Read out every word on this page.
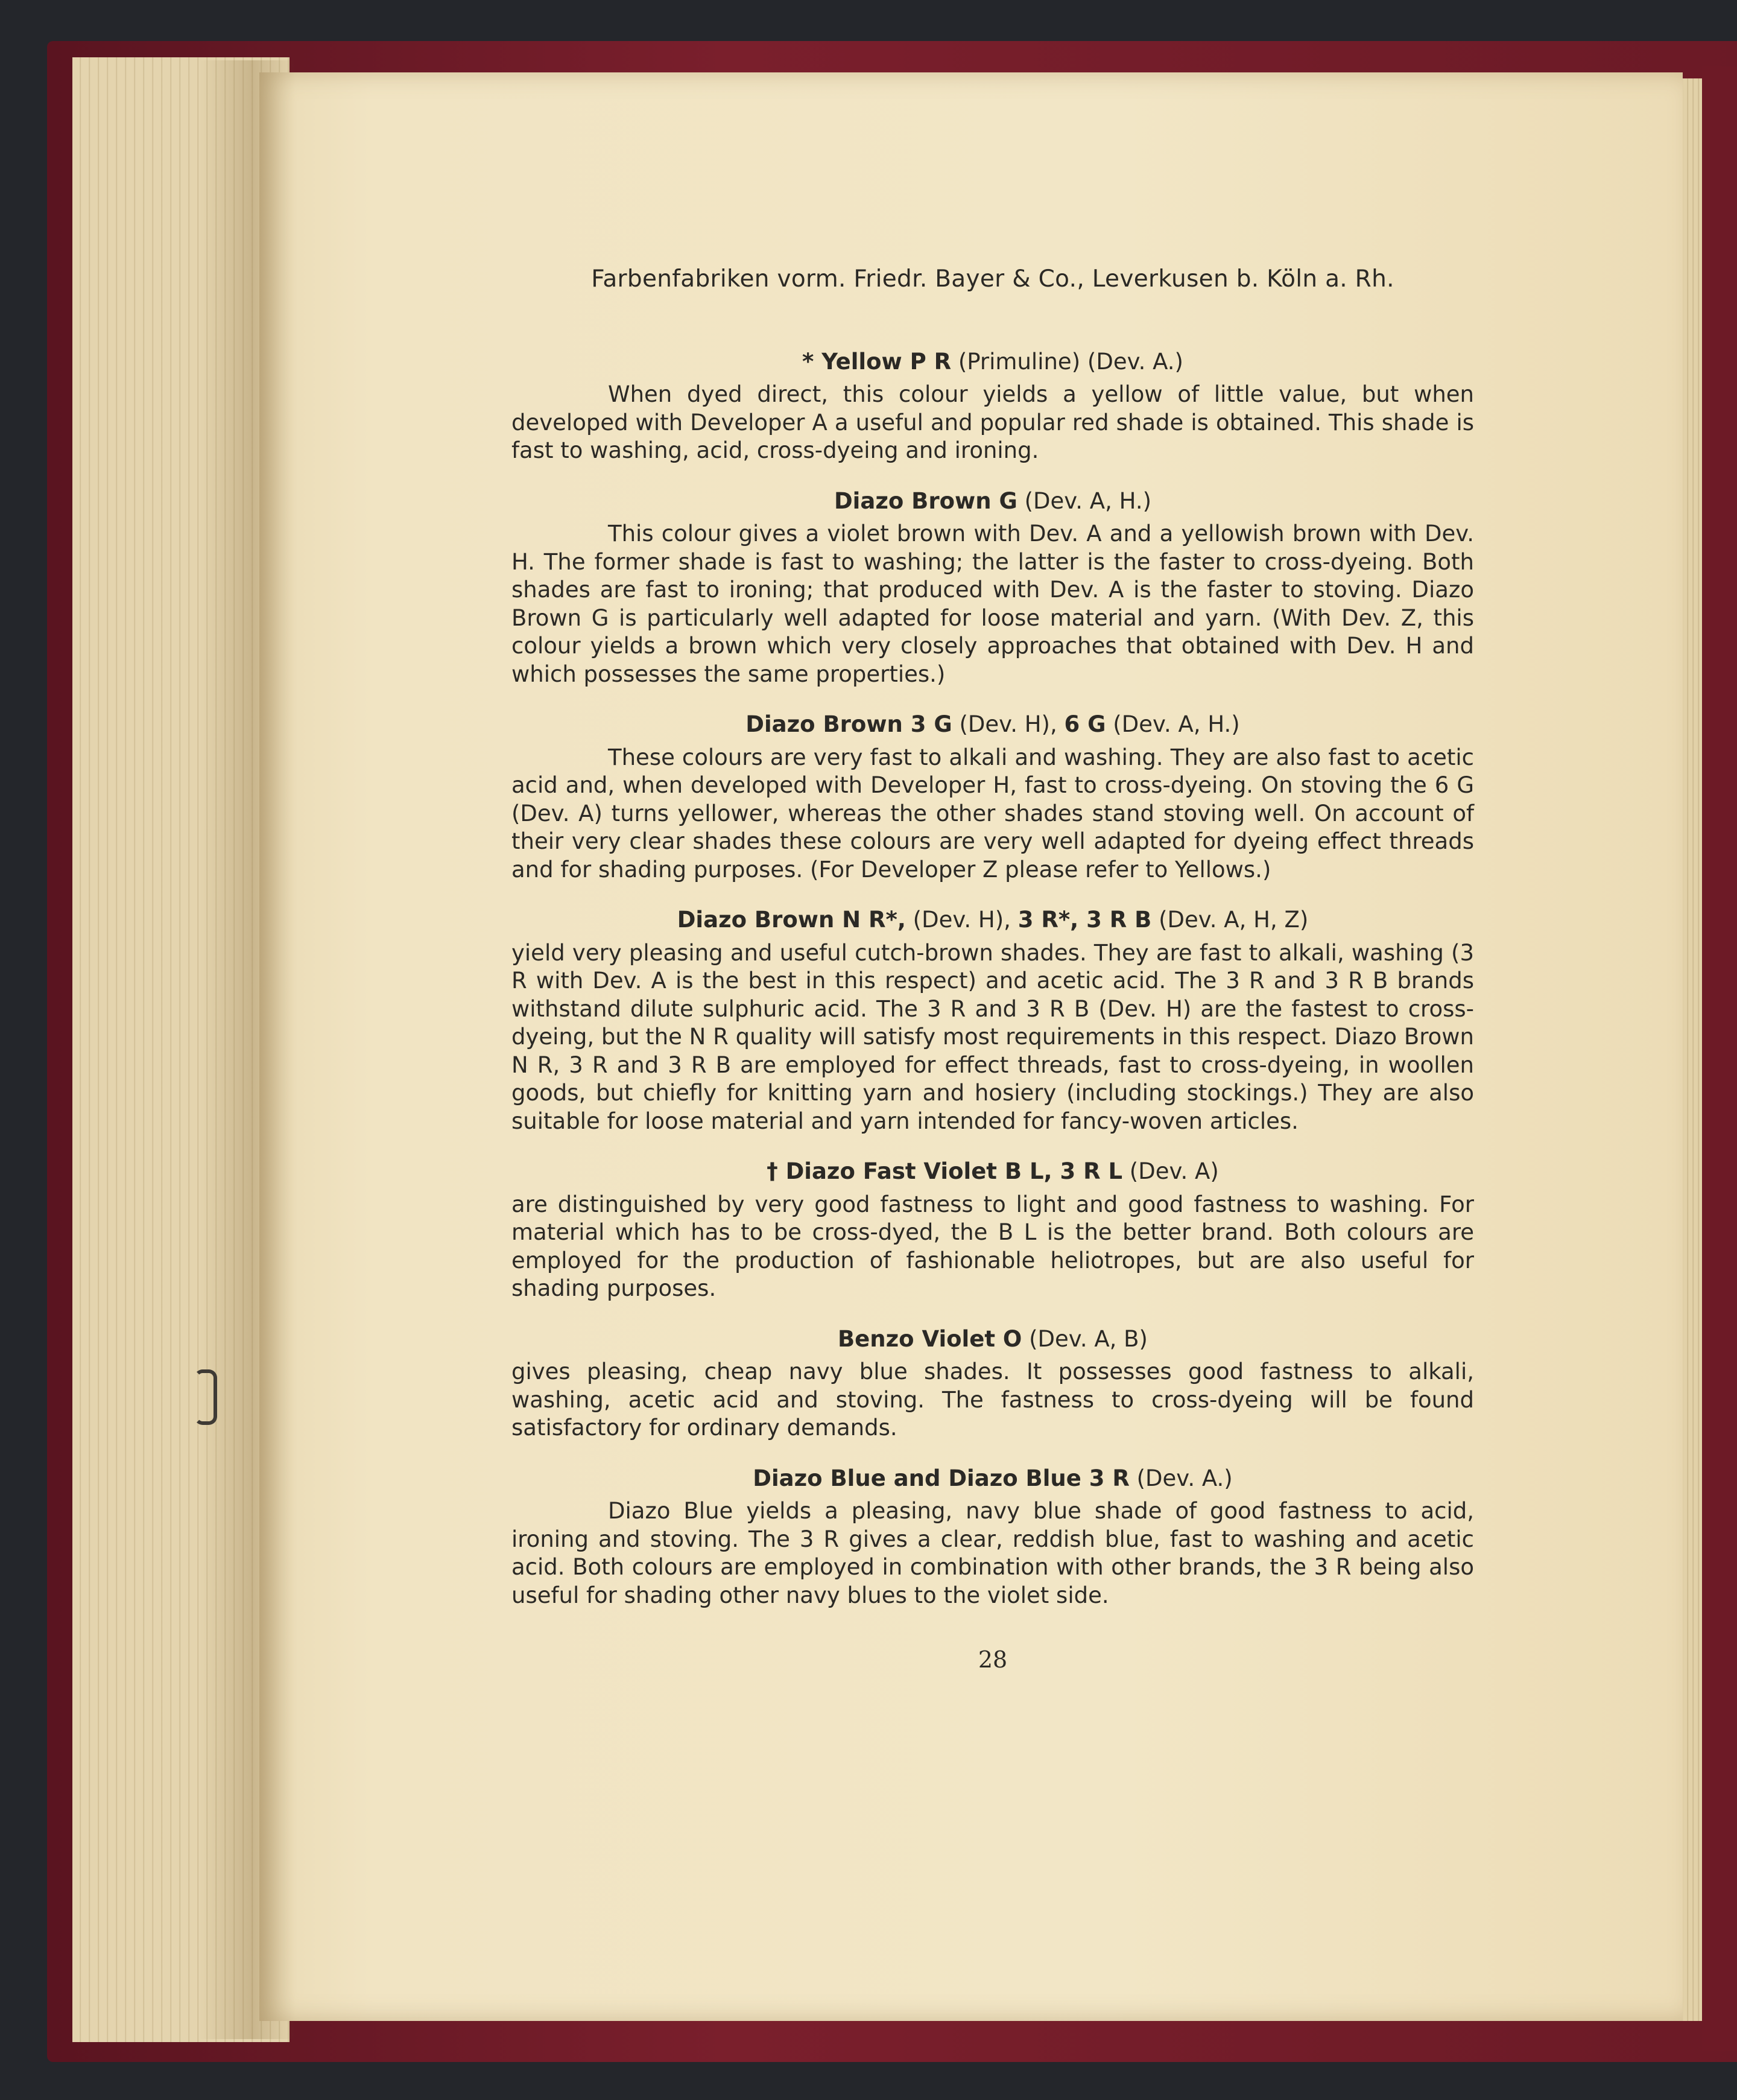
Farbenfabriken vorm. Friedr. Bayer & Co., Leverkusen b. Köln a. Rh.
* Yellow P R (Primuline) (Dev. A.)

When dyed direct, this colour yields a yellow of little value, but when developed with Developer A a useful and popular red shade is obtained. This shade is fast to washing, acid, cross-dyeing and ironing.

Diazo Brown G (Dev. A, H.)

This colour gives a violet brown with Dev. A and a yellowish brown with Dev. H. The former shade is fast to washing; the latter is the faster to cross-dyeing. Both shades are fast to ironing; that produced with Dev. A is the faster to stoving. Diazo Brown G is particularly well adapted for loose material and yarn. (With Dev. Z, this colour yields a brown which very closely approaches that obtained with Dev. H and which possesses the same properties.)

Diazo Brown 3 G (Dev. H), 6 G (Dev. A, H.)

These colours are very fast to alkali and washing. They are also fast to acetic acid and, when developed with Developer H, fast to cross-dyeing. On stoving the 6 G (Dev. A) turns yellower, whereas the other shades stand stoving well. On account of their very clear shades these colours are very well adapted for dyeing effect threads and for shading purposes. (For Developer Z please refer to Yellows.)

Diazo Brown N R*, (Dev. H), 3 R*, 3 R B (Dev. A, H, Z)

yield very pleasing and useful cutch-brown shades. They are fast to alkali, washing (3 R with Dev. A is the best in this respect) and acetic acid. The 3 R and 3 R B brands withstand dilute sulphuric acid. The 3 R and 3 R B (Dev. H) are the fastest to cross-dyeing, but the N R quality will satisfy most requirements in this respect. Diazo Brown N R, 3 R and 3 R B are employed for effect threads, fast to cross-dyeing, in woollen goods, but chiefly for knitting yarn and hosiery (including stockings.) They are also suitable for loose material and yarn intended for fancy-woven articles.

† Diazo Fast Violet B L, 3 R L (Dev. A)

are distinguished by very good fastness to light and good fastness to washing. For material which has to be cross-dyed, the B L is the better brand. Both colours are employed for the production of fashionable heliotropes, but are also useful for shading purposes.

Benzo Violet O (Dev. A, B)

gives pleasing, cheap navy blue shades. It possesses good fastness to alkali, washing, acetic acid and stoving. The fastness to cross-dyeing will be found satisfactory for ordinary demands.

Diazo Blue and Diazo Blue 3 R (Dev. A.)

Diazo Blue yields a pleasing, navy blue shade of good fastness to acid, ironing and stoving. The 3 R gives a clear, reddish blue, fast to washing and acetic acid. Both colours are employed in combination with other brands, the 3 R being also useful for shading other navy blues to the violet side.

28
